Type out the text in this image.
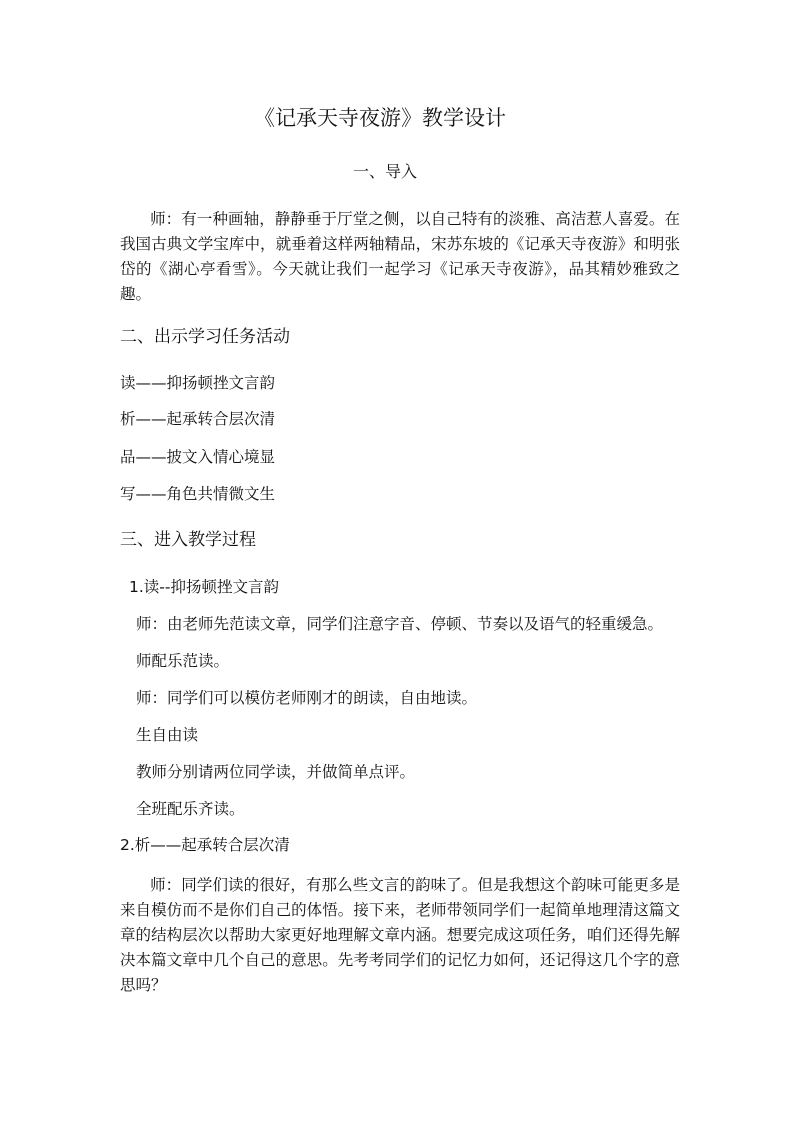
《记承天寺夜游》教学设计
一、导入
师：有一种画轴，静静垂于厅堂之侧，以自己特有的淡雅、高洁惹人喜爱。在我国古典文学宝库中，就垂着这样两轴精品，宋苏东坡的《记承天寺夜游》和明张岱的《湖心亭看雪》。今天就让我们一起学习《记承天寺夜游》，品其精妙雅致之趣。
二、出示学习任务活动
读——抑扬顿挫文言韵
析——起承转合层次清
品——披文入情心境显
写——角色共情微文生
三、进入教学过程
1.读--抑扬顿挫文言韵
师：由老师先范读文章，同学们注意字音、停顿、节奏以及语气的轻重缓急。
师配乐范读。
师：同学们可以模仿老师刚才的朗读，自由地读。
生自由读
教师分别请两位同学读，并做简单点评。
全班配乐齐读。
2.析——起承转合层次清
师：同学们读的很好，有那么些文言的韵味了。但是我想这个韵味可能更多是来自模仿而不是你们自己的体悟。接下来，老师带领同学们一起简单地理清这篇文章的结构层次以帮助大家更好地理解文章内涵。想要完成这项任务，咱们还得先解决本篇文章中几个自己的意思。先考考同学们的记忆力如何，还记得这几个字的意思吗？
